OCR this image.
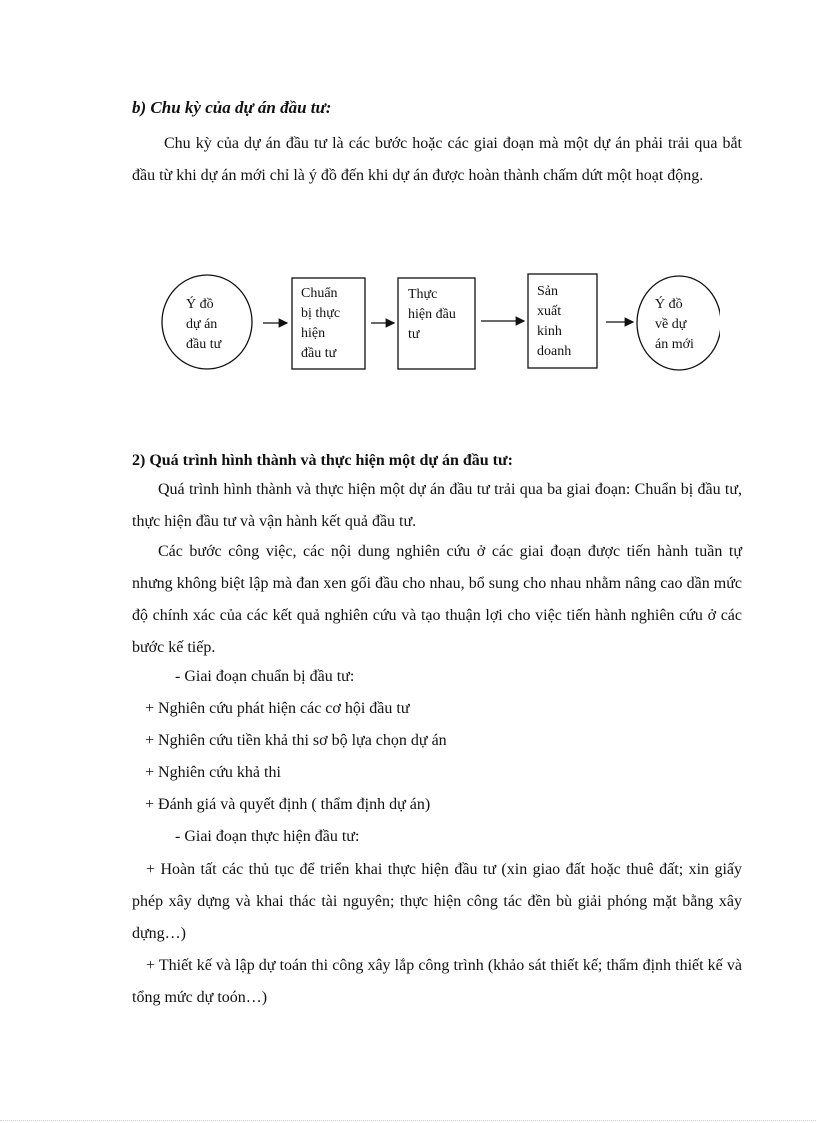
b) Chu kỳ của dự án đầu tư:

Chu kỳ của dự án đầu tư là các bước hoặc các giai đoạn mà một dự án phải trải qua bắt đầu từ khi dự án mới chỉ là ý đồ đến khi dự án được hoàn thành chấm dứt một hoạt động.

Ý đồ dự án đầu tư
Chuẩn bị thực hiện đầu tư
Thực hiện đầu tư
Sản xuất kinh doanh
Ý đồ về dự án mới
2) Quá trình hình thành và thực hiện một dự án đầu tư:

Quá trình hình thành và thực hiện một dự án đầu tư trải qua ba giai đoạn: Chuẩn bị đầu tư, thực hiện đầu tư và vận hành kết quả đầu tư.

Các bước công việc, các nội dung nghiên cứu ở các giai đoạn được tiến hành tuần tự nhưng không biệt lập mà đan xen gối đầu cho nhau, bổ sung cho nhau nhằm nâng cao dần mức độ chính xác của các kết quả nghiên cứu và tạo thuận lợi cho việc tiến hành nghiên cứu ở các bước kế tiếp.

- Giai đoạn chuẩn bị đầu tư:
+ Nghiên cứu phát hiện các cơ hội đầu tư
+ Nghiên cứu tiền khả thi sơ bộ lựa chọn dự án
+ Nghiên cứu khả thi
+ Đánh giá và quyết định ( thẩm định dự án)
- Giai đoạn thực hiện đầu tư:

+ Hoàn tất các thủ tục để triển khai thực hiện đầu tư (xin giao đất hoặc thuê đất; xin giấy phép xây dựng và khai thác tài nguyên; thực hiện công tác đền bù giải phóng mặt bằng xây dựng…)

+ Thiết kế và lập dự toán thi công xây lắp công trình (khảo sát thiết kế; thẩm định thiết kế và tổng mức dự toón…)
